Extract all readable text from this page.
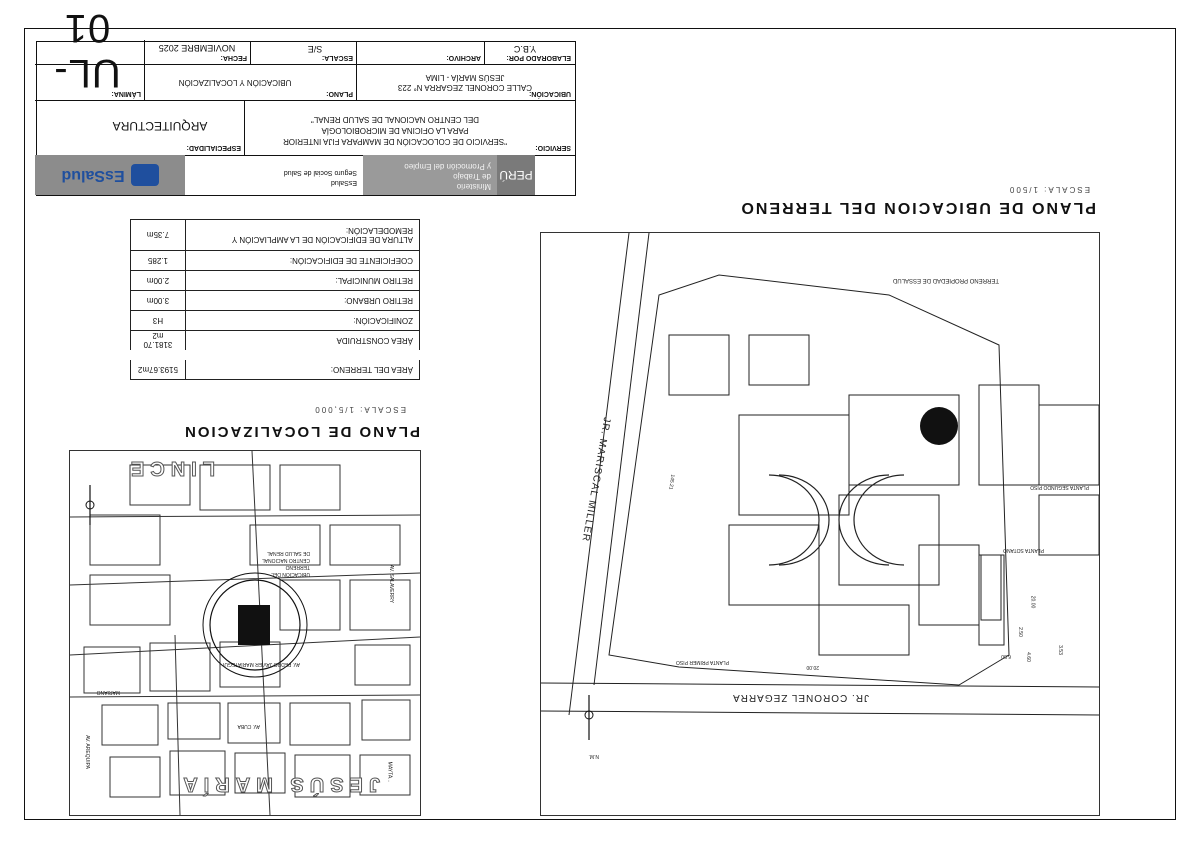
PERÚ
Ministerio
de Trabajo
y Promoción del Empleo
EsSalud
Seguro Social de Salud
EsSalud
SERVICIO:
"SERVICIO DE COLOCACIÓN DE MAMPARA FIJA INTERIOR
PARA LA OFICINA DE MICROBIOLOGÍA
DEL CENTRO NACIONAL DE SALUD RENAL"
ESPECIALIDAD:
ARQUITECTURA
UBICACIÓN:
CALLE CORONEL ZEGARRA N° 223
JESÚS MARÍA - LIMA
PLANO:
UBICACIÓN Y LOCALIZACIÓN
LÁMINA:
ELABORADO POR:
Y.B.C
ARCHIVO:
ESCALA:
S/E
FECHA:
NOVIEMBRE 2025
UL-01
ÁREA DEL TERRENO:	5193.67m2
ÁREA CONSTRUIDA	3181.70 m2
ZONIFICACIÓN:	H3
RETIRO URBANO:	3.00m
RETIRO MUNICIPAL:	2.00m
COEFICIENTE DE EDIFICACIÓN:	1.285
ALTURA DE EDIFICACIÓN DE LA AMPLIACIÓN Y REMODELACIÓN:	7.35m
PLANO DE LOCALIZACION
ESCALA: 1/5,000
LINCE
JESÚS MARÍA
UBICACIÓN DEL
TERRENO
CENTRO NACIONAL
DE SALUD RENAL
AV. PEDRO JAVIER MARIATEGUI
AV. CUBA
AV. SALAVERRY
AV. AREQUIPA
MARIANO
MAYTA...
PLANO DE UBICACION DEL TERRENO
ESCALA: 1/500
JR. CORONEL ZEGARRA
JR. MARISCAL MILLER
TERRENO PROPIEDAD DE ESSALUD
PLANTA PRIMER PISO
PLANTA SEGUNDO PISO
PLANTA SOTANO
20.00
20.00
4.60
3.53
2.50
6.50
145.21
N.M.
